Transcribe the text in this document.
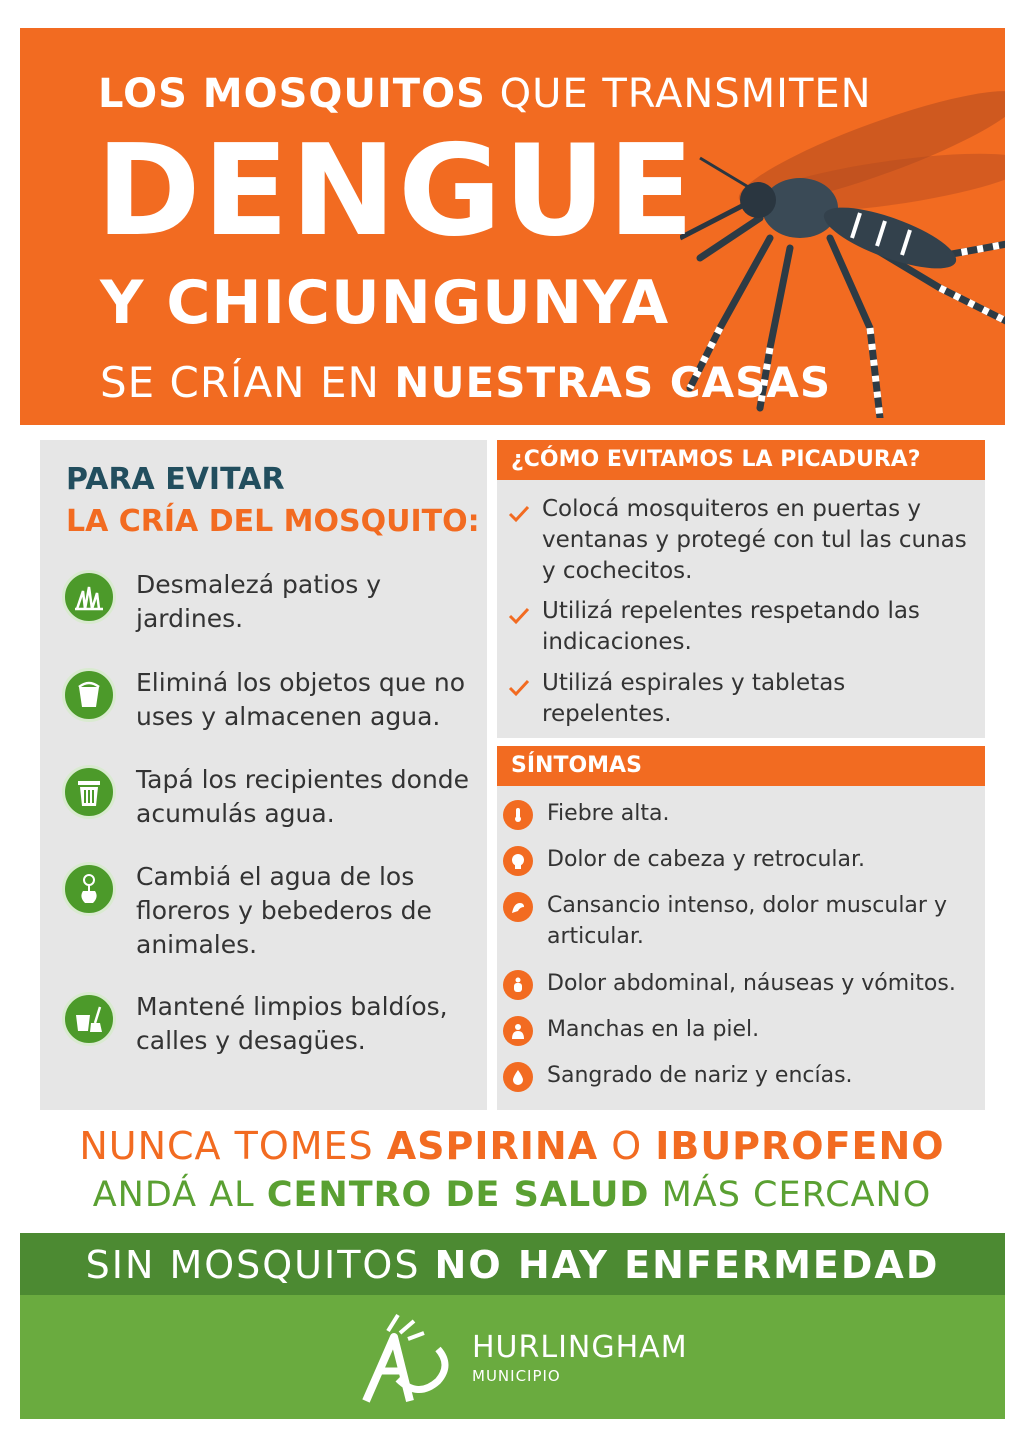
LOS MOSQUITOS QUE TRANSMITEN
DENGUE
Y CHICUNGUNYA
SE CRÍAN EN NUESTRAS CASAS
PARA EVITAR
LA CRÍA DEL MOSQUITO:
Desmalezá patios y jardines.
Eliminá los objetos que no uses y almacenen agua.
Tapá los recipientes donde acumulás agua.
Cambiá el agua de los floreros y bebederos de animales.
Mantené limpios baldíos, calles y desagües.
¿CÓMO EVITAMOS LA PICADURA?
Colocá mosquiteros en puertas y ventanas y protegé con tul las cunas y cochecitos.
Utilizá repelentes respetando las indicaciones.
Utilizá espirales y tabletas repelentes.
SÍNTOMAS
Fiebre alta.
Dolor de cabeza y retrocular.
Cansancio intenso, dolor muscular y articular.
Dolor abdominal, náuseas y vómitos.
Manchas en la piel.
Sangrado de nariz y encías.
NUNCA TOMES ASPIRINA O IBUPROFENO
ANDÁ AL CENTRO DE SALUD MÁS CERCANO
SIN MOSQUITOS NO HAY ENFERMEDAD
HURLINGHAM
MUNICIPIO
